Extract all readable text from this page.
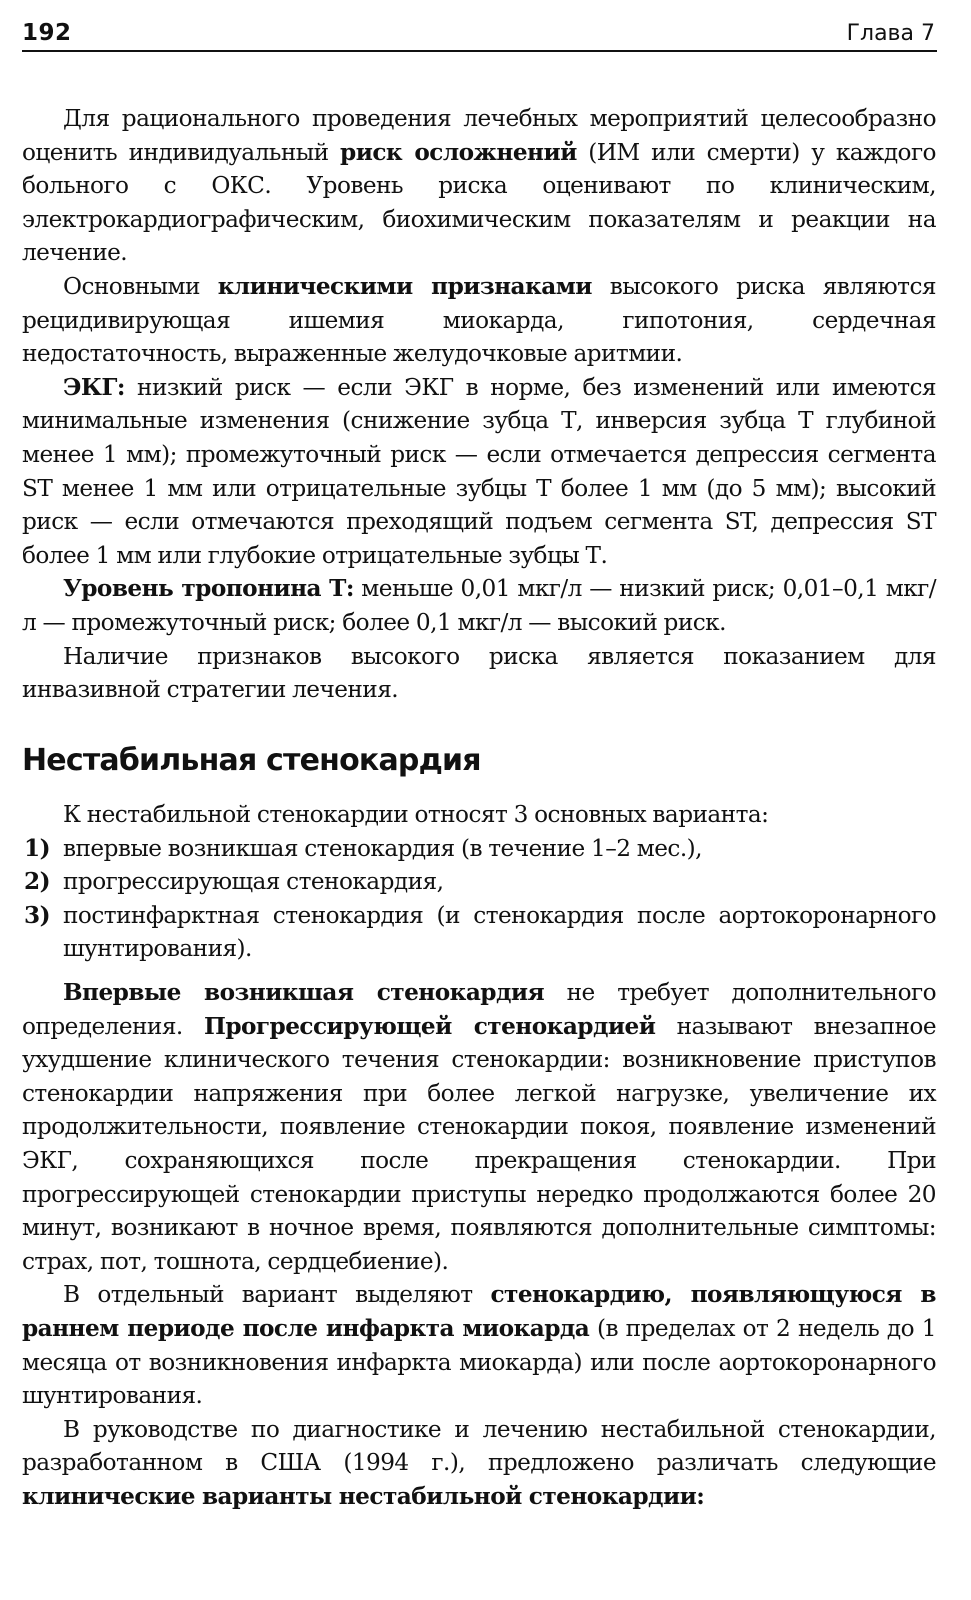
192	Глава 7

Для рационального проведения лечебных мероприятий целесообразно оценить индивидуальный риск осложнений (ИМ или смерти) у каждого больного с ОКС. Уровень риска оценивают по клиническим, электрокардиографическим, биохимическим показателям и реакции на лечение.

Основными клиническими признаками высокого риска являются рецидивирующая ишемия миокарда, гипотония, сердечная недостаточность, выраженные желудочковые аритмии.

ЭКГ: низкий риск — если ЭКГ в норме, без изменений или имеются минимальные изменения (снижение зубца Т, инверсия зубца Т глубиной менее 1 мм); промежуточный риск — если отмечается депрессия сегмента ST менее 1 мм или отрицательные зубцы Т более 1 мм (до 5 мм); высокий риск — если отмечаются преходящий подъем сегмента ST, депрессия ST более 1 мм или глубокие отрицательные зубцы Т.

Уровень тропонина Т: меньше 0,01 мкг/л — низкий риск; 0,01–0,1 мкг/л — промежуточный риск; более 0,1 мкг/л — высокий риск.

Наличие признаков высокого риска является показанием для инвазивной стратегии лечения.

Нестабильная стенокардия

К нестабильной стенокардии относят 3 основных варианта:

1) впервые возникшая стенокардия (в течение 1–2 мес.),

2) прогрессирующая стенокардия,

3) постинфарктная стенокардия (и стенокардия после аортокоронарного шунтирования).

Впервые возникшая стенокардия не требует дополнительного определения. Прогрессирующей стенокардией называют внезапное ухудшение клинического течения стенокардии: возникновение приступов стенокардии напряжения при более легкой нагрузке, увеличение их продолжительности, появление стенокардии покоя, появление изменений ЭКГ, сохраняющихся после прекращения стенокардии. При прогрессирующей стенокардии приступы нередко продолжаются более 20 минут, возникают в ночное время, появляются дополнительные симптомы: страх, пот, тошнота, сердцебиение).

В отдельный вариант выделяют стенокардию, появляющуюся в раннем периоде после инфаркта миокарда (в пределах от 2 недель до 1 месяца от возникновения инфаркта миокарда) или после аортокоронарного шунтирования.

В руководстве по диагностике и лечению нестабильной стенокардии, разработанном в США (1994 г.), предложено различать следующие клинические варианты нестабильной стенокардии:
